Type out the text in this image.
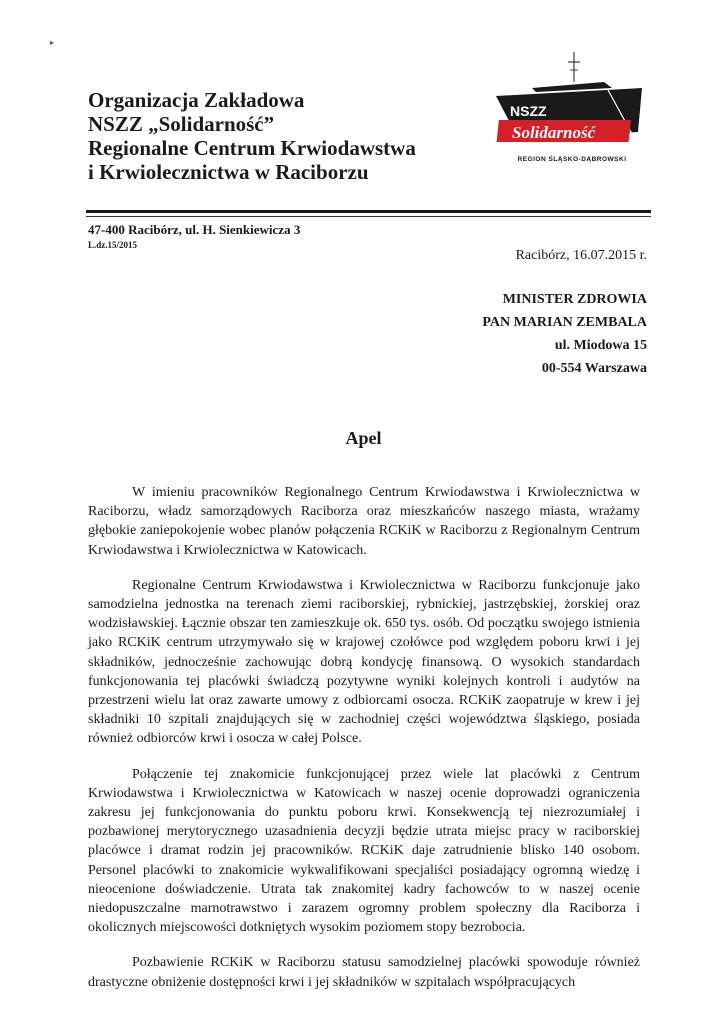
▸
Organizacja Zakładowa
NSZZ „Solidarność”
Regionalne Centrum Krwiodawstwa
i Krwiolecznictwa w Raciborzu
NSZZ
Solidarność
REGION ŚLĄSKO-DĄBROWSKI
47-400 Racibórz, ul. H. Sienkiewicza 3
L.dz.15/2015
Racibórz, 16.07.2015 r.
MINISTER ZDROWIA
PAN MARIAN ZEMBALA
ul. Miodowa 15
00-554 Warszawa
Apel

W imieniu pracowników Regionalnego Centrum Krwiodawstwa i Krwiolecznictwa w Raciborzu, władz samorządowych Raciborza oraz mieszkańców naszego miasta, wrażamy głębokie zaniepokojenie wobec planów połączenia RCKiK w Raciborzu z Regionalnym Centrum Krwiodawstwa i Krwiolecznictwa w Katowicach.

Regionalne Centrum Krwiodawstwa i Krwiolecznictwa w Raciborzu funkcjonuje jako samodzielna jednostka na terenach ziemi raciborskiej, rybnickiej, jastrzębskiej, żorskiej oraz wodzisławskiej. Łącznie obszar ten zamieszkuje ok. 650 tys. osób. Od początku swojego istnienia jako RCKiK centrum utrzymywało się w krajowej czołówce pod względem poboru krwi i jej składników, jednocześnie zachowując dobrą kondycję finansową. O wysokich standardach funkcjonowania tej placówki świadczą pozytywne wyniki kolejnych kontroli i audytów na przestrzeni wielu lat oraz zawarte umowy z odbiorcami osocza. RCKiK zaopatruje w krew i jej składniki 10 szpitali znajdujących się w zachodniej części województwa śląskiego, posiada również odbiorców krwi i osocza w całej Polsce.

Połączenie tej znakomicie funkcjonującej przez wiele lat placówki z Centrum Krwiodawstwa i Krwiolecznictwa w Katowicach w naszej ocenie doprowadzi ograniczenia zakresu jej funkcjonowania do punktu poboru krwi. Konsekwencją tej niezrozumiałej i pozbawionej merytorycznego uzasadnienia decyzji będzie utrata miejsc pracy w raciborskiej placówce i dramat rodzin jej pracowników. RCKiK daje zatrudnienie blisko 140 osobom. Personel placówki to znakomicie wykwalifikowani specjaliści posiadający ogromną wiedzę i nieocenione doświadczenie. Utrata tak znakomitej kadry fachowców to w naszej ocenie niedopuszczalne marnotrawstwo i zarazem ogromny problem społeczny dla Raciborza i okolicznych miejscowości dotkniętych wysokim poziomem stopy bezrobocia.

Pozbawienie RCKiK w Raciborzu statusu samodzielnej placówki spowoduje również drastyczne obniżenie dostępności krwi i jej składników w szpitalach współpracujących
